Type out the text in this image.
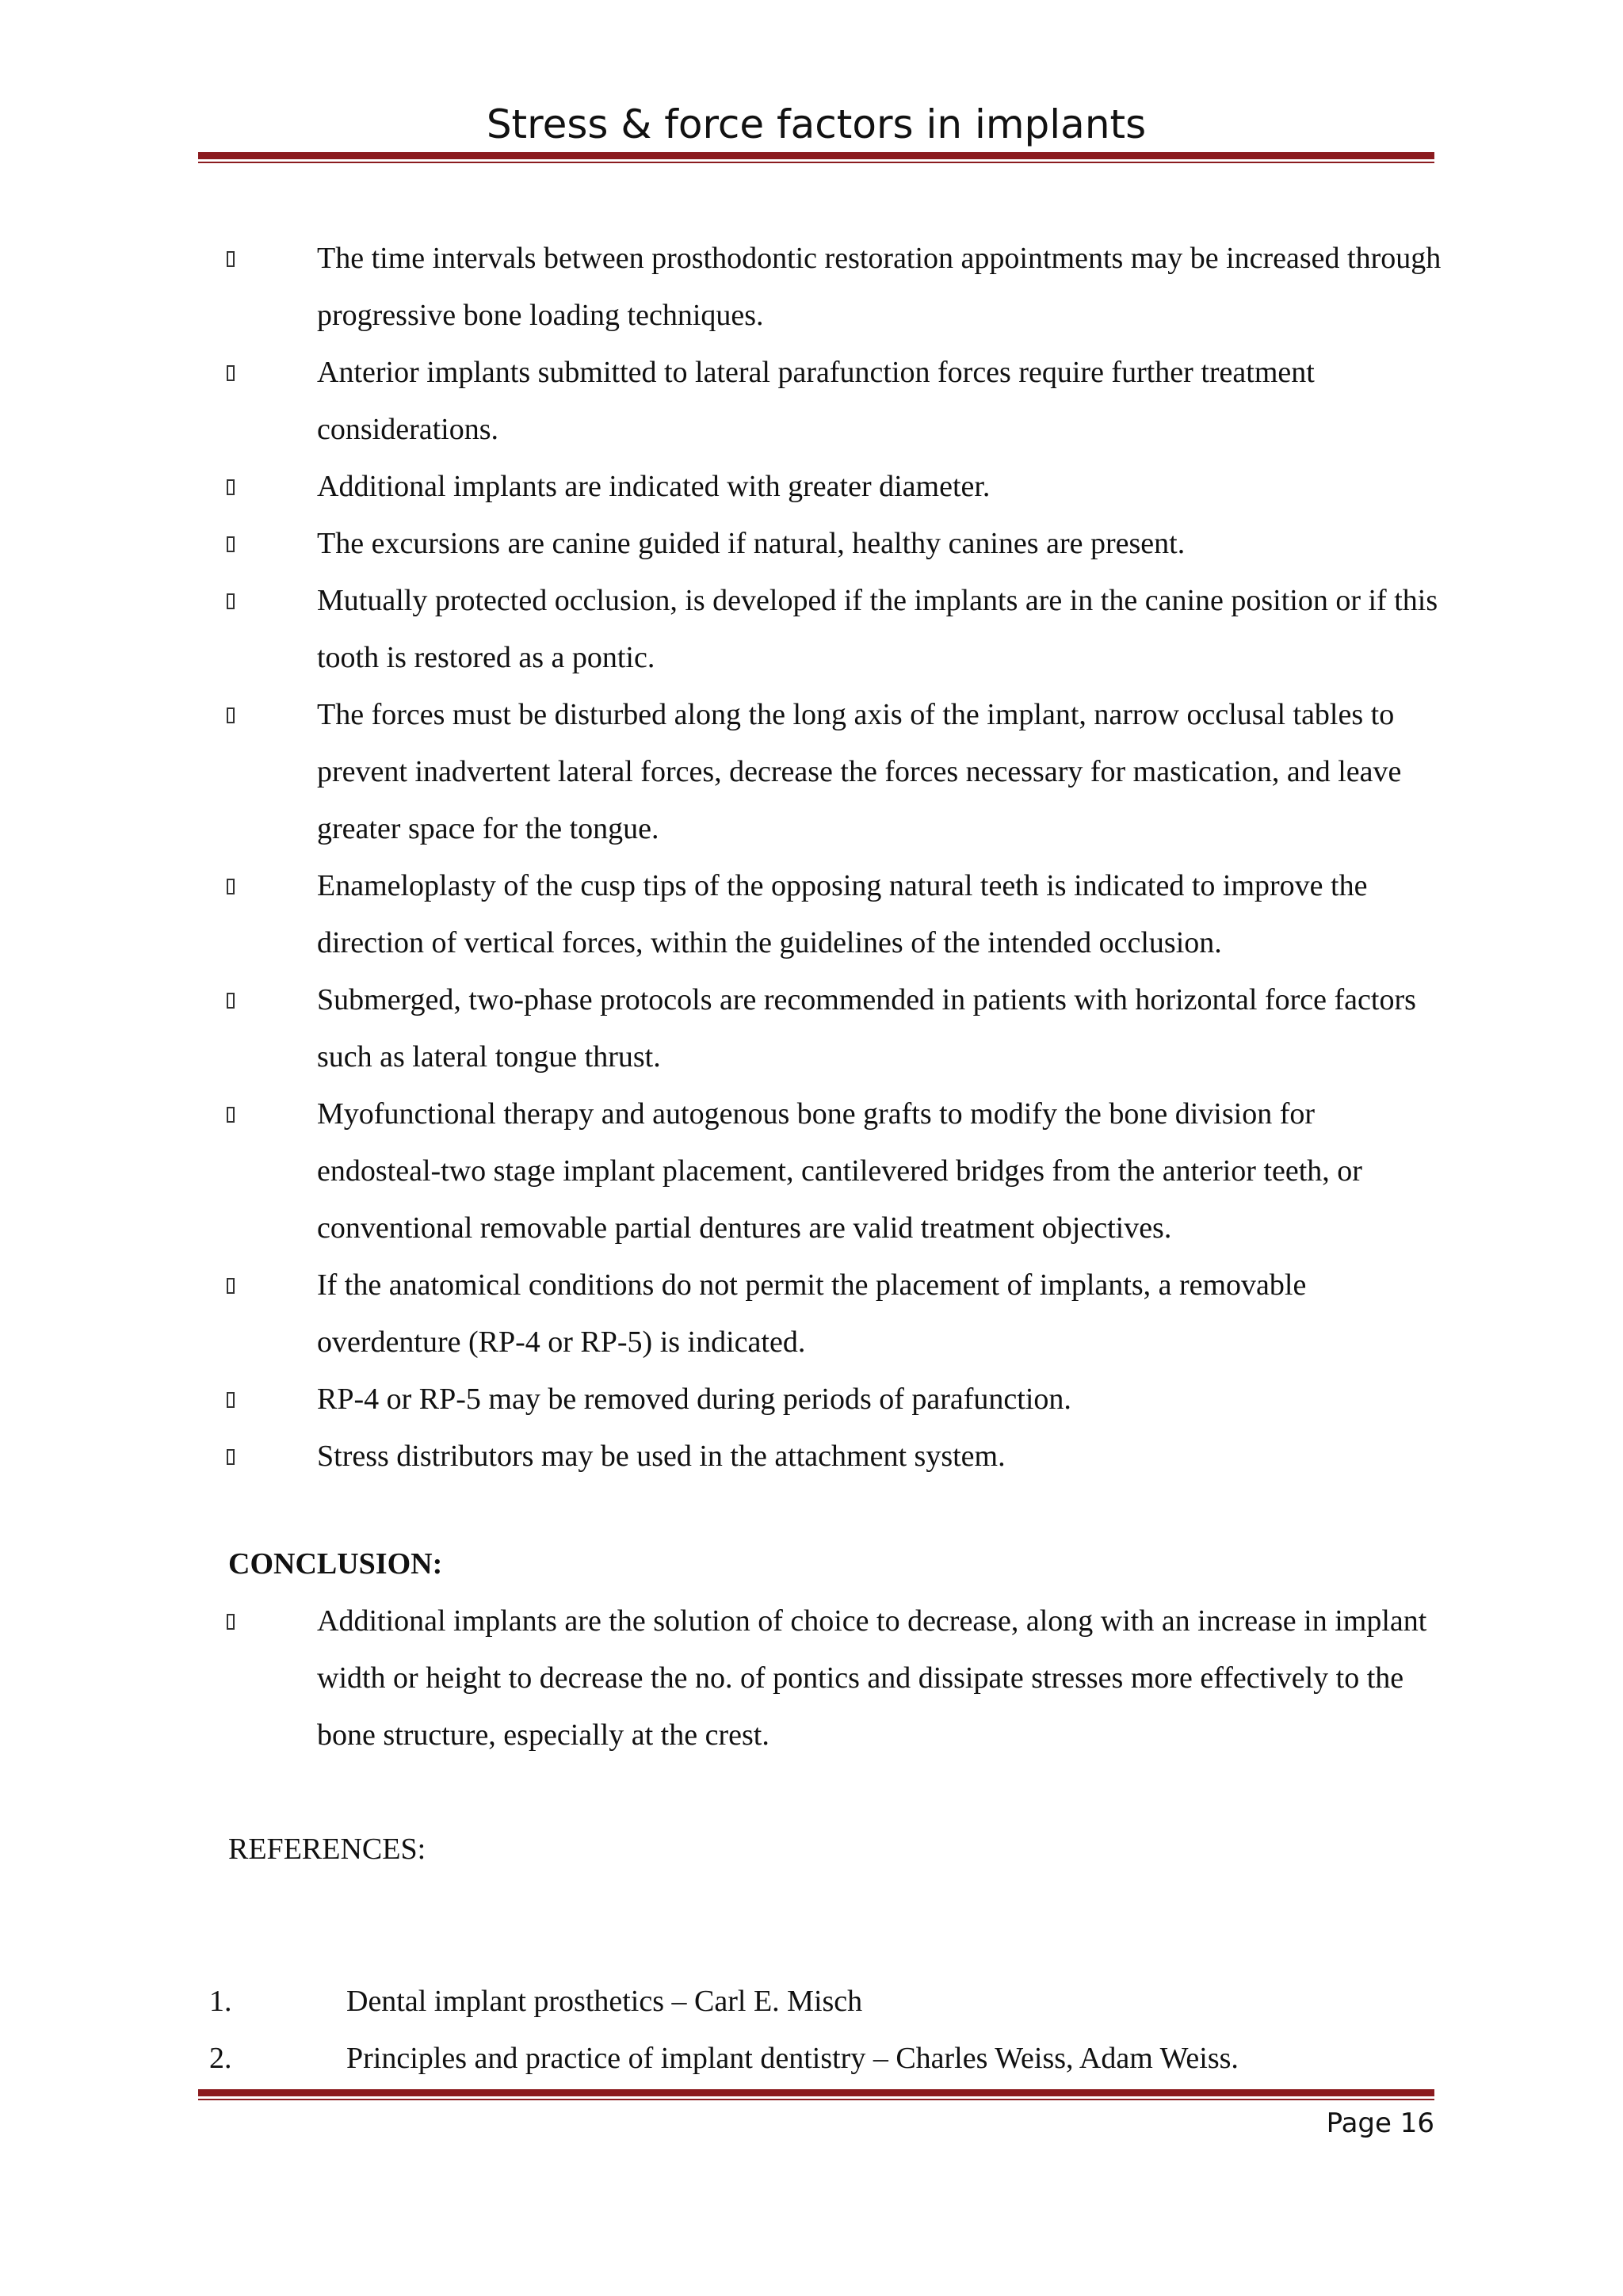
Stress & force factors in implants
The time intervals between prosthodontic restoration appointments may be increased through progressive bone loading techniques.
Anterior implants submitted to lateral parafunction forces require further treatment considerations.
Additional implants are indicated with greater diameter.
The excursions are canine guided if natural, healthy canines are present.
Mutually protected occlusion, is developed if the implants are in the canine position or if this tooth is restored as a pontic.
The forces must be disturbed along the long axis of the implant, narrow occlusal tables to prevent inadvertent lateral forces, decrease the forces necessary for mastication, and leave greater space for the tongue.
Enameloplasty of the cusp tips of the opposing natural teeth is indicated to improve the direction of vertical forces, within the guidelines of the intended occlusion.
Submerged, two-phase protocols are recommended in patients with horizontal force factors such as lateral tongue thrust.
Myofunctional therapy and autogenous bone grafts to modify the bone division for endosteal-two stage implant placement, cantilevered bridges from the anterior teeth, or conventional removable partial dentures are valid treatment objectives.
If the anatomical conditions do not permit the placement of implants, a removable overdenture (RP-4 or RP-5) is indicated.
RP-4 or RP-5 may be removed during periods of parafunction.
Stress distributors may be used in the attachment system.
CONCLUSION:
Additional implants are the solution of choice to decrease, along with an increase in implant width or height to decrease the no. of pontics and dissipate stresses more effectively to the bone structure, especially at the crest.
REFERENCES:
1.	Dental implant prosthetics – Carl E. Misch
2.	Principles and practice of implant dentistry – Charles Weiss, Adam Weiss.
Page 16
